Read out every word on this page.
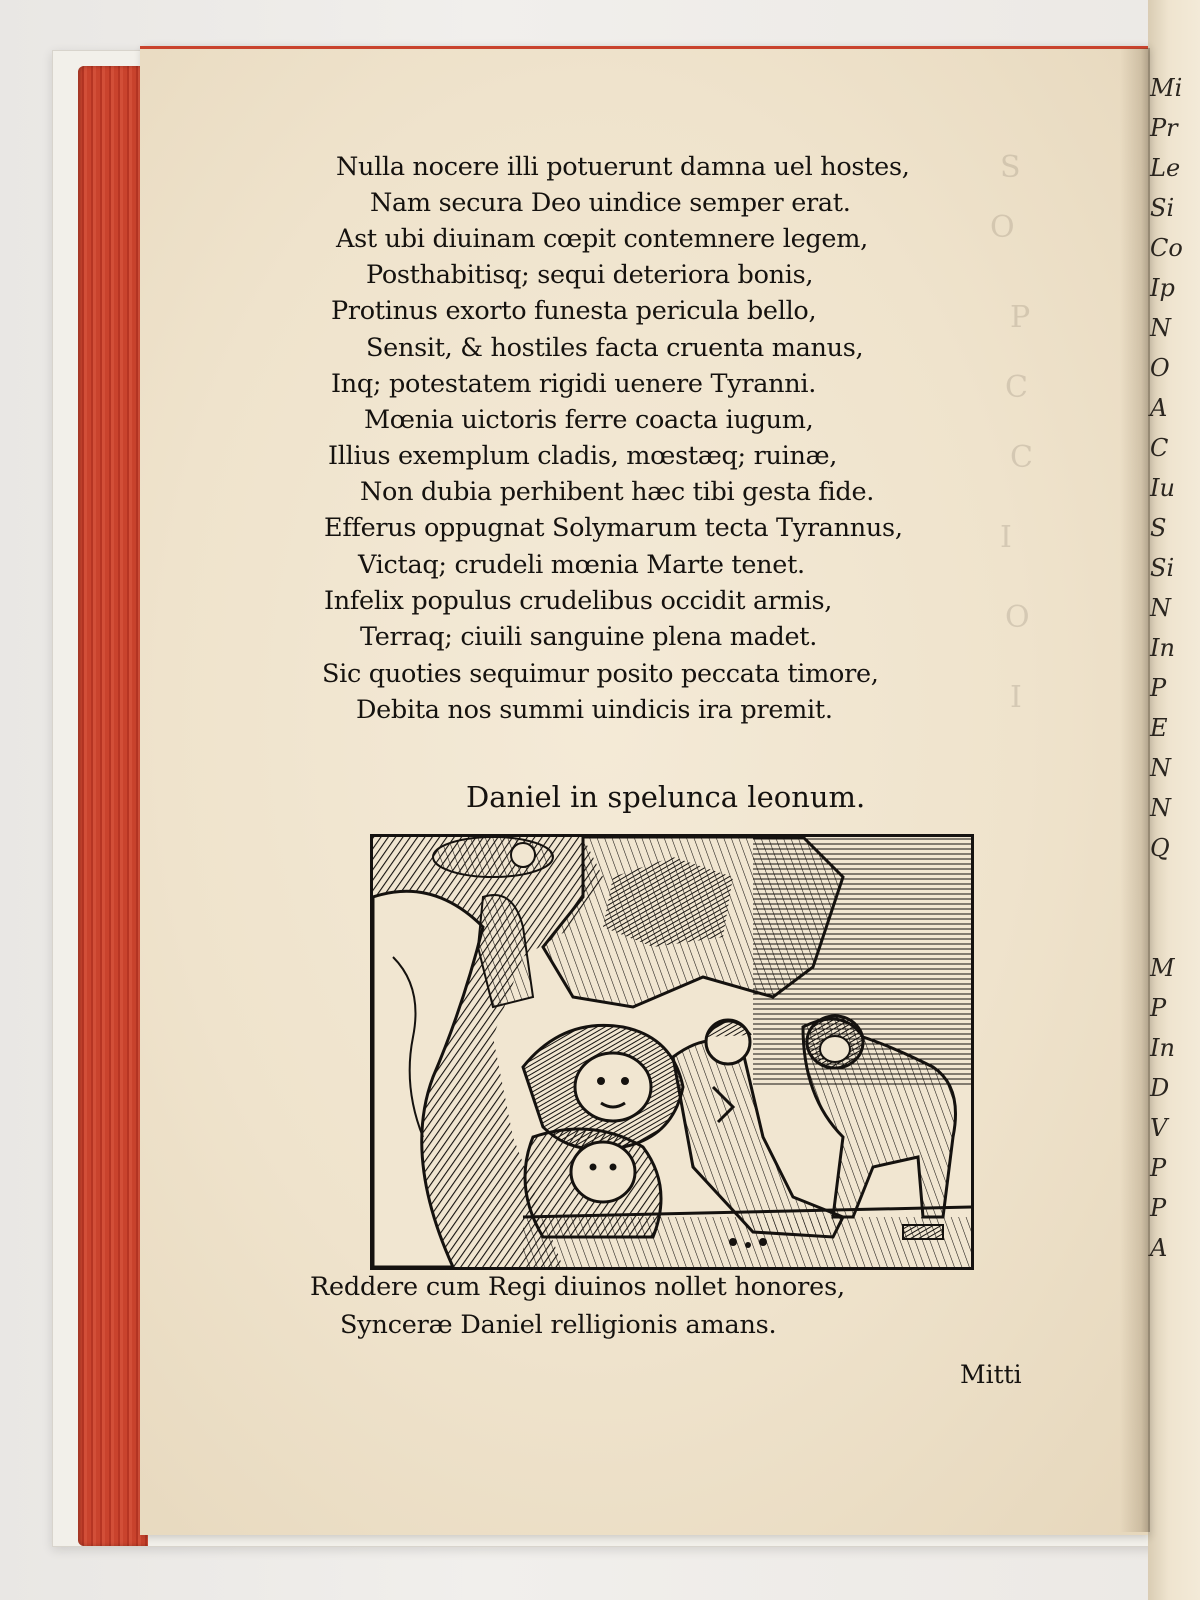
Mi
Pr
Le
Si
Co
Ip
N
O
A
C
Iu
S
Si
N
In
P
E
N
N
Q
M
P
In
D
V
P
P
A
S
O
P
C
C
I
O
I
Nulla nocere illi potuerunt damna uel hostes,
Nam secura Deo uindice semper erat.
Ast ubi diuinam cœpit contemnere legem,
Posthabitisq; sequi deteriora bonis,
Protinus exorto funesta pericula bello,
Sensit, & hostiles facta cruenta manus,
Inq; potestatem rigidi uenere Tyranni.
Mœnia uictoris ferre coacta iugum,
Illius exemplum cladis, mœstæq; ruinæ,
Non dubia perhibent hæc tibi gesta fide.
Efferus oppugnat Solymarum tecta Tyrannus,
Victaq; crudeli mœnia Marte tenet.
Infelix populus crudelibus occidit armis,
Terraq; ciuili sanguine plena madet.
Sic quoties sequimur posito peccata timore,
Debita nos summi uindicis ira premit.
Daniel in spelunca leonum.
Reddere cum Regi diuinos nollet honores,
Synceræ Daniel relligionis amans.
Mitti
